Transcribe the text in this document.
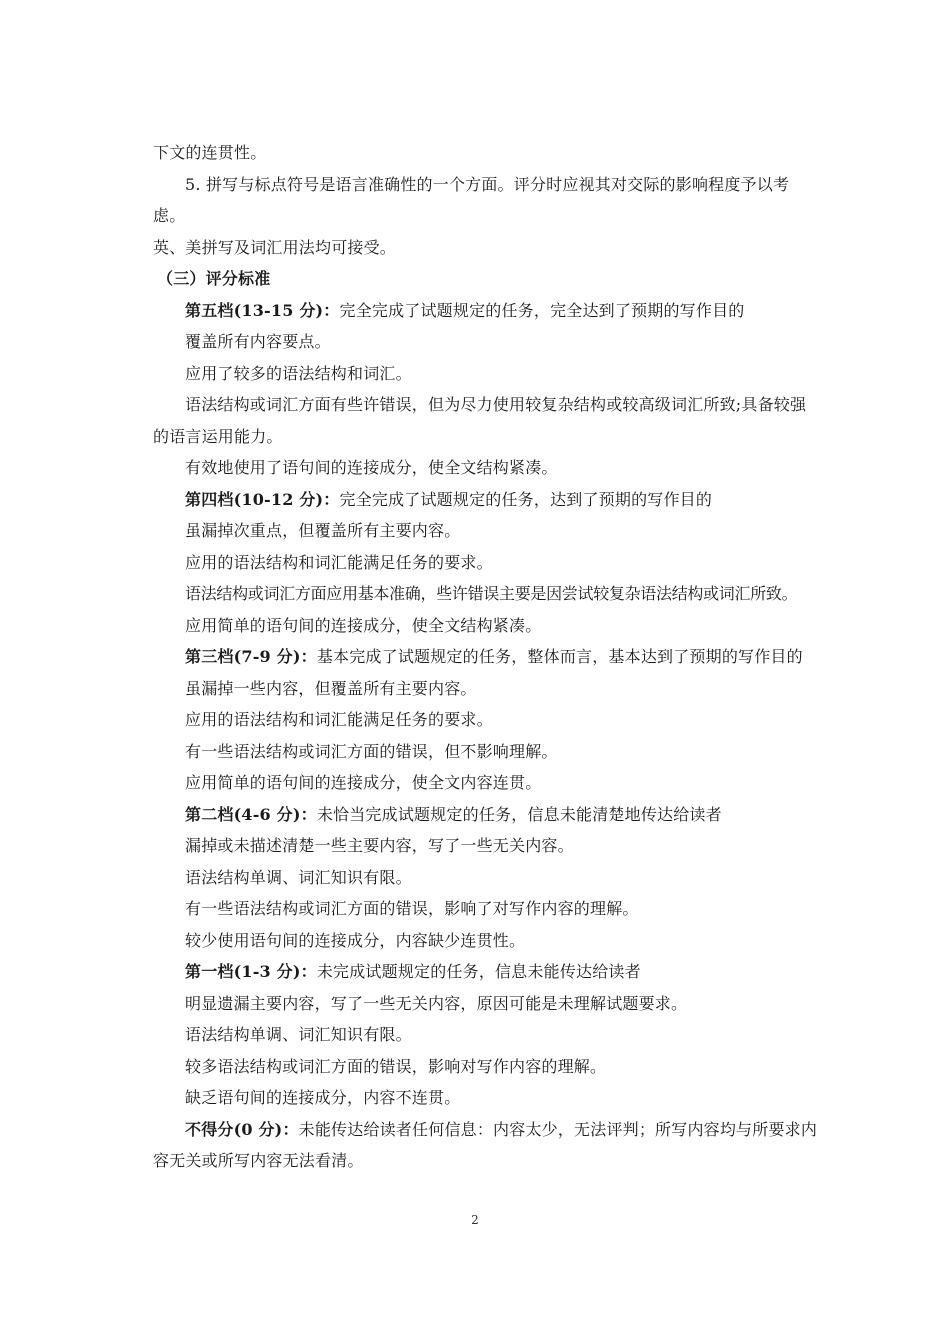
下文的连贯性。

5. 拼写与标点符号是语言准确性的一个方面。评分时应视其对交际的影响程度予以考虑。
英、美拼写及词汇用法均可接受。

（三）评分标准

第五档(13-15 分)：完全完成了试题规定的任务，完全达到了预期的写作目的

覆盖所有内容要点。

应用了较多的语法结构和词汇。

语法结构或词汇方面有些许错误，但为尽力使用较复杂结构或较高级词汇所致;具备较强的语言运用能力。

有效地使用了语句间的连接成分，使全文结构紧凑。

第四档(10-12 分)：完全完成了试题规定的任务，达到了预期的写作目的

虽漏掉次重点，但覆盖所有主要内容。

应用的语法结构和词汇能满足任务的要求。

语法结构或词汇方面应用基本准确，些许错误主要是因尝试较复杂语法结构或词汇所致。

应用简单的语句间的连接成分，使全文结构紧凑。

第三档(7-9 分)：基本完成了试题规定的任务，整体而言，基本达到了预期的写作目的

虽漏掉一些内容，但覆盖所有主要内容。

应用的语法结构和词汇能满足任务的要求。

有一些语法结构或词汇方面的错误，但不影响理解。

应用简单的语句间的连接成分，使全文内容连贯。

第二档(4-6 分)：未恰当完成试题规定的任务，信息未能清楚地传达给读者

漏掉或未描述清楚一些主要内容，写了一些无关内容。

语法结构单调、词汇知识有限。

有一些语法结构或词汇方面的错误，影响了对写作内容的理解。

较少使用语句间的连接成分，内容缺少连贯性。

第一档(1-3 分)：未完成试题规定的任务，信息未能传达给读者

明显遗漏主要内容，写了一些无关内容，原因可能是未理解试题要求。

语法结构单调、词汇知识有限。

较多语法结构或词汇方面的错误，影响对写作内容的理解。

缺乏语句间的连接成分，内容不连贯。

不得分(0 分)：未能传达给读者任何信息：内容太少，无法评判；所写内容均与所要求内容无关或所写内容无法看清。

2
